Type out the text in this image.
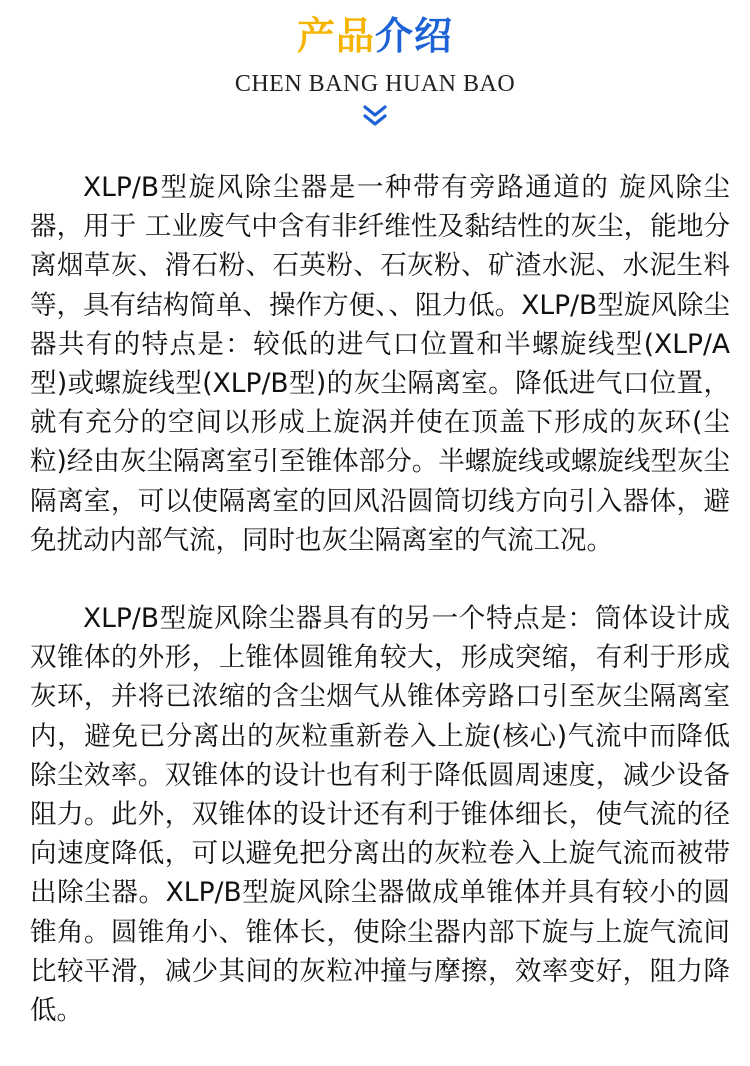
产品介绍
CHEN BANG HUAN BAO

XLP/B型旋风除尘器是一种带有旁路通道的 旋风除尘器，用于 工业废气中含有非纤维性及黏结性的灰尘，能地分离烟草灰、滑石粉、石英粉、石灰粉、矿渣水泥、水泥生料等，具有结构简单、操作方便、、阻力低。XLP/B型旋风除尘器共有的特点是：较低的进气口位置和半螺旋线型(XLP/A型)或螺旋线型(XLP/B型)的灰尘隔离室。降低进气口位置，就有充分的空间以形成上旋涡并使在顶盖下形成的灰环(尘粒)经由灰尘隔离室引至锥体部分。半螺旋线或螺旋线型灰尘隔离室，可以使隔离室的回风沿圆筒切线方向引入器体，避免扰动内部气流，同时也灰尘隔离室的气流工况。

XLP/B型旋风除尘器具有的另一个特点是：筒体设计成双锥体的外形，上锥体圆锥角较大，形成突缩，有利于形成灰环，并将已浓缩的含尘烟气从锥体旁路口引至灰尘隔离室内，避免已分离出的灰粒重新卷入上旋(核心)气流中而降低除尘效率。双锥体的设计也有利于降低圆周速度，减少设备阻力。此外，双锥体的设计还有利于锥体细长，使气流的径向速度降低，可以避免把分离出的灰粒卷入上旋气流而被带出除尘器。XLP/B型旋风除尘器做成单锥体并具有较小的圆锥角。圆锥角小、锥体长，使除尘器内部下旋与上旋气流间比较平滑，减少其间的灰粒冲撞与摩擦，效率变好，阻力降低。
